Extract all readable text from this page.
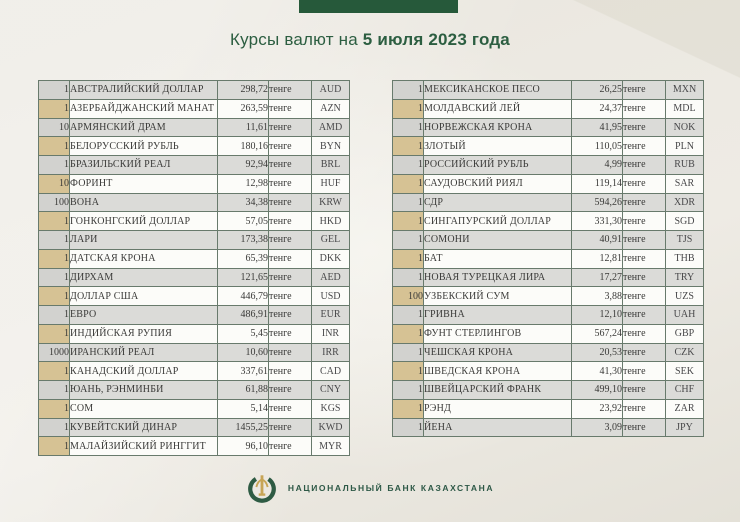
Курсы валют на 5 июля 2023 года
1	АВСТРАЛИЙСКИЙ ДОЛЛАР	298,72	тенге	AUD
1	АЗЕРБАЙДЖАНСКИЙ МАНАТ	263,59	тенге	AZN
10	АРМЯНСКИЙ ДРАМ	11,61	тенге	AMD
1	БЕЛОРУССКИЙ РУБЛЬ	180,16	тенге	BYN
1	БРАЗИЛЬСКИЙ РЕАЛ	92,94	тенге	BRL
10	ФОРИНТ	12,98	тенге	HUF
100	ВОНА	34,38	тенге	KRW
1	ГОНКОНГСКИЙ ДОЛЛАР	57,05	тенге	HKD
1	ЛАРИ	173,38	тенге	GEL
1	ДАТСКАЯ КРОНА	65,39	тенге	DKK
1	ДИРХАМ	121,65	тенге	AED
1	ДОЛЛАР США	446,79	тенге	USD
1	ЕВРО	486,91	тенге	EUR
1	ИНДИЙСКАЯ РУПИЯ	5,45	тенге	INR
1000	ИРАНСКИЙ РЕАЛ	10,60	тенге	IRR
1	КАНАДСКИЙ ДОЛЛАР	337,61	тенге	CAD
1	ЮАНЬ, РЭНМИНБИ	61,88	тенге	CNY
1	СОМ	5,14	тенге	KGS
1	КУВЕЙТСКИЙ ДИНАР	1455,25	тенге	KWD
1	МАЛАЙЗИЙСКИЙ РИНГГИТ	96,10	тенге	MYR
1	МЕКСИКАНСКОЕ ПЕСО	26,25	тенге	MXN
1	МОЛДАВСКИЙ ЛЕЙ	24,37	тенге	MDL
1	НОРВЕЖСКАЯ КРОНА	41,95	тенге	NOK
1	ЗЛОТЫЙ	110,05	тенге	PLN
1	РОССИЙСКИЙ РУБЛЬ	4,99	тенге	RUB
1	САУДОВСКИЙ РИЯЛ	119,14	тенге	SAR
1	СДР	594,26	тенге	XDR
1	СИНГАПУРСКИЙ ДОЛЛАР	331,30	тенге	SGD
1	СОМОНИ	40,91	тенге	TJS
1	БАТ	12,81	тенге	THB
1	НОВАЯ ТУРЕЦКАЯ ЛИРА	17,27	тенге	TRY
100	УЗБЕКСКИЙ СУМ	3,88	тенге	UZS
1	ГРИВНА	12,10	тенге	UAH
1	ФУНТ СТЕРЛИНГОВ	567,24	тенге	GBP
1	ЧЕШСКАЯ КРОНА	20,53	тенге	CZK
1	ШВЕДСКАЯ КРОНА	41,30	тенге	SEK
1	ШВЕЙЦАРСКИЙ ФРАНК	499,10	тенге	CHF
1	РЭНД	23,92	тенге	ZAR
1	ЙЕНА	3,09	тенге	JPY
НАЦИОНАЛЬНЫЙ БАНК КАЗАХСТАНА
